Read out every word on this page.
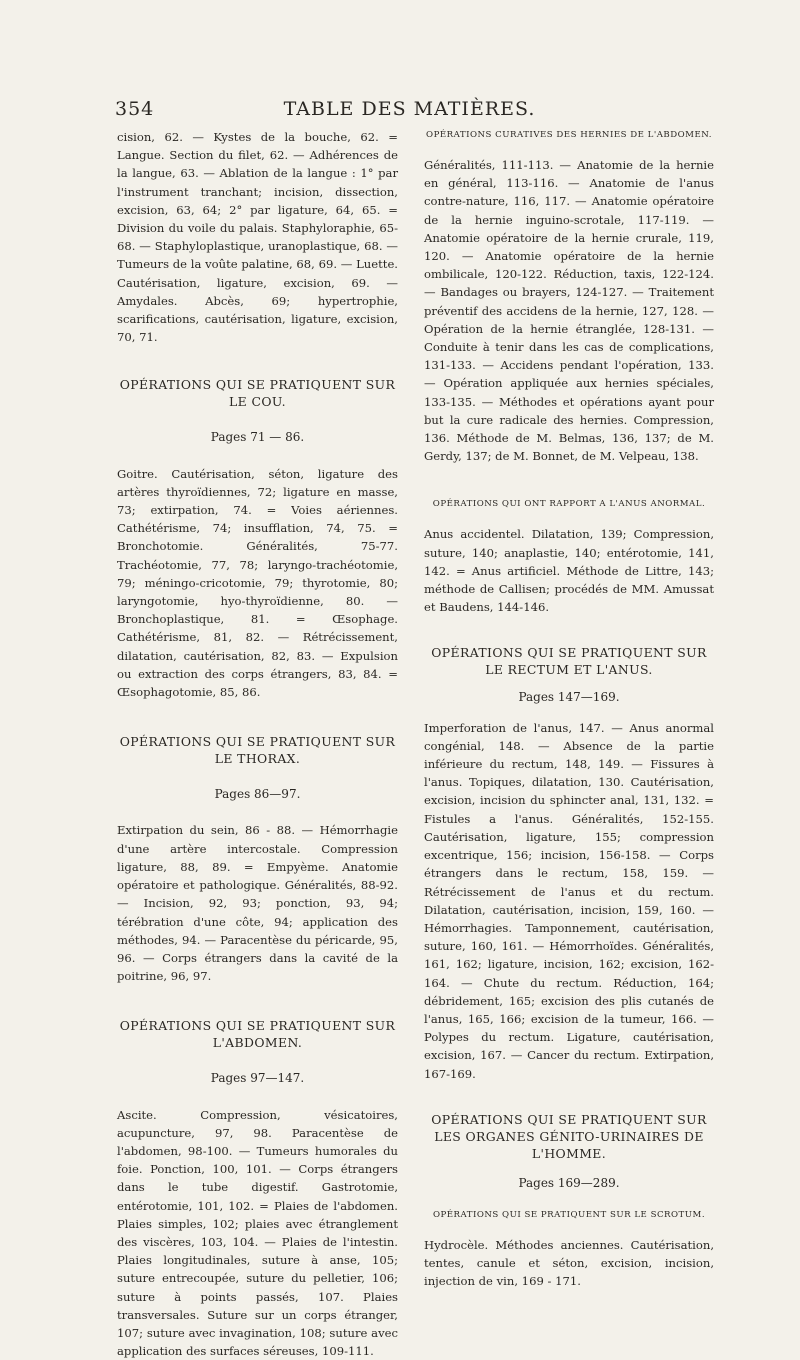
354	TABLE DES MATIÈRES.

cision, 62. — Kystes de la bouche, 62. = Langue. Section du filet, 62. — Adhérences de la langue, 63. — Ablation de la langue : 1° par l'instrument tranchant; incision, dissection, excision, 63, 64; 2° par ligature, 64, 65. = Division du voile du palais. Staphyloraphie, 65-68. — Staphyloplastique, uranoplastique, 68. — Tumeurs de la voûte palatine, 68, 69. — Luette. Cautérisation, ligature, excision, 69. — Amydales. Abcès, 69; hypertrophie, scarifications, cautérisation, ligature, excision, 70, 71.

OPÉRATIONS QUI SE PRATIQUENT SUR LE COU.

Pages 71 — 86.

Goitre. Cautérisation, séton, ligature des artères thyroïdiennes, 72; ligature en masse, 73; extirpation, 74. = Voies aériennes. Cathétérisme, 74; insufflation, 74, 75. = Bronchotomie. Généralités, 75-77. Trachéotomie, 77, 78; laryngo-trachéotomie, 79; méningo-cricotomie, 79; thyrotomie, 80; laryngotomie, hyo-thyroïdienne, 80. — Bronchoplastique, 81. = Œsophage. Cathétérisme, 81, 82. — Rétrécissement, dilatation, cautérisation, 82, 83. — Expulsion ou extraction des corps étrangers, 83, 84. = Œsophagotomie, 85, 86.

OPÉRATIONS QUI SE PRATIQUENT SUR LE THORAX.

Pages 86—97.

Extirpation du sein, 86 - 88. — Hémorrhagie d'une artère intercostale. Compression ligature, 88, 89. = Empyème. Anatomie opératoire et pathologique. Généralités, 88-92. — Incision, 92, 93; ponction, 93, 94; térébration d'une côte, 94; application des méthodes, 94. — Paracentèse du péricarde, 95, 96. — Corps étrangers dans la cavité de la poitrine, 96, 97.

OPÉRATIONS QUI SE PRATIQUENT SUR L'ABDOMEN.

Pages 97—147.

Ascite. Compression, vésicatoires, acupuncture, 97, 98. Paracentèse de l'abdomen, 98-100. — Tumeurs humorales du foie. Ponction, 100, 101. — Corps étrangers dans le tube digestif. Gastrotomie, entérotomie, 101, 102. = Plaies de l'abdomen. Plaies simples, 102; plaies avec étranglement des viscères, 103, 104. — Plaies de l'intestin. Plaies longitudinales, suture à anse, 105; suture entrecoupée, suture du pelletier, 106; suture à points passés, 107. Plaies transversales. Suture sur un corps étranger, 107; suture avec invagination, 108; suture avec application des surfaces séreuses, 109-111.

OPÉRATIONS CURATIVES DES HERNIES DE L'ABDOMEN.

Généralités, 111-113. — Anatomie de la hernie en général, 113-116. — Anatomie de l'anus contre-nature, 116, 117. — Anatomie opératoire de la hernie inguino-scrotale, 117-119. — Anatomie opératoire de la hernie crurale, 119, 120. — Anatomie opératoire de la hernie ombilicale, 120-122. Réduction, taxis, 122-124. — Bandages ou brayers, 124-127. — Traitement préventif des accidens de la hernie, 127, 128. — Opération de la hernie étranglée, 128-131. — Conduite à tenir dans les cas de complications, 131-133. — Accidens pendant l'opération, 133. — Opération appliquée aux hernies spéciales, 133-135. — Méthodes et opérations ayant pour but la cure radicale des hernies. Compression, 136. Méthode de M. Belmas, 136, 137; de M. Gerdy, 137; de M. Bonnet, de M. Velpeau, 138.

OPÉRATIONS QUI ONT RAPPORT A L'ANUS ANORMAL.

Anus accidentel. Dilatation, 139; Compression, suture, 140; anaplastie, 140; entérotomie, 141, 142. = Anus artificiel. Méthode de Littre, 143; méthode de Callisen; procédés de MM. Amussat et Baudens, 144-146.

OPÉRATIONS QUI SE PRATIQUENT SUR LE RECTUM ET L'ANUS.

Pages 147—169.

Imperforation de l'anus, 147. — Anus anormal congénial, 148. — Absence de la partie inférieure du rectum, 148, 149. — Fissures à l'anus. Topiques, dilatation, 130. Cautérisation, excision, incision du sphincter anal, 131, 132. = Fistules a l'anus. Généralités, 152-155. Cautérisation, ligature, 155; compression excentrique, 156; incision, 156-158. — Corps étrangers dans le rectum, 158, 159. — Rétrécissement de l'anus et du rectum. Dilatation, cautérisation, incision, 159, 160. — Hémorrhagies. Tamponnement, cautérisation, suture, 160, 161. — Hémorrhoïdes. Généralités, 161, 162; ligature, incision, 162; excision, 162-164. — Chute du rectum. Réduction, 164; débridement, 165; excision des plis cutanés de l'anus, 165, 166; excision de la tumeur, 166. — Polypes du rectum. Ligature, cautérisation, excision, 167. — Cancer du rectum. Extirpation, 167-169.

OPÉRATIONS QUI SE PRATIQUENT SUR LES ORGANES GÉNITO-URINAIRES DE L'HOMME.

Pages 169—289.

OPÉRATIONS QUI SE PRATIQUENT SUR LE SCROTUM.

Hydrocèle. Méthodes anciennes. Cautérisation, tentes, canule et séton, excision, incision, injection de vin, 169 - 171.
